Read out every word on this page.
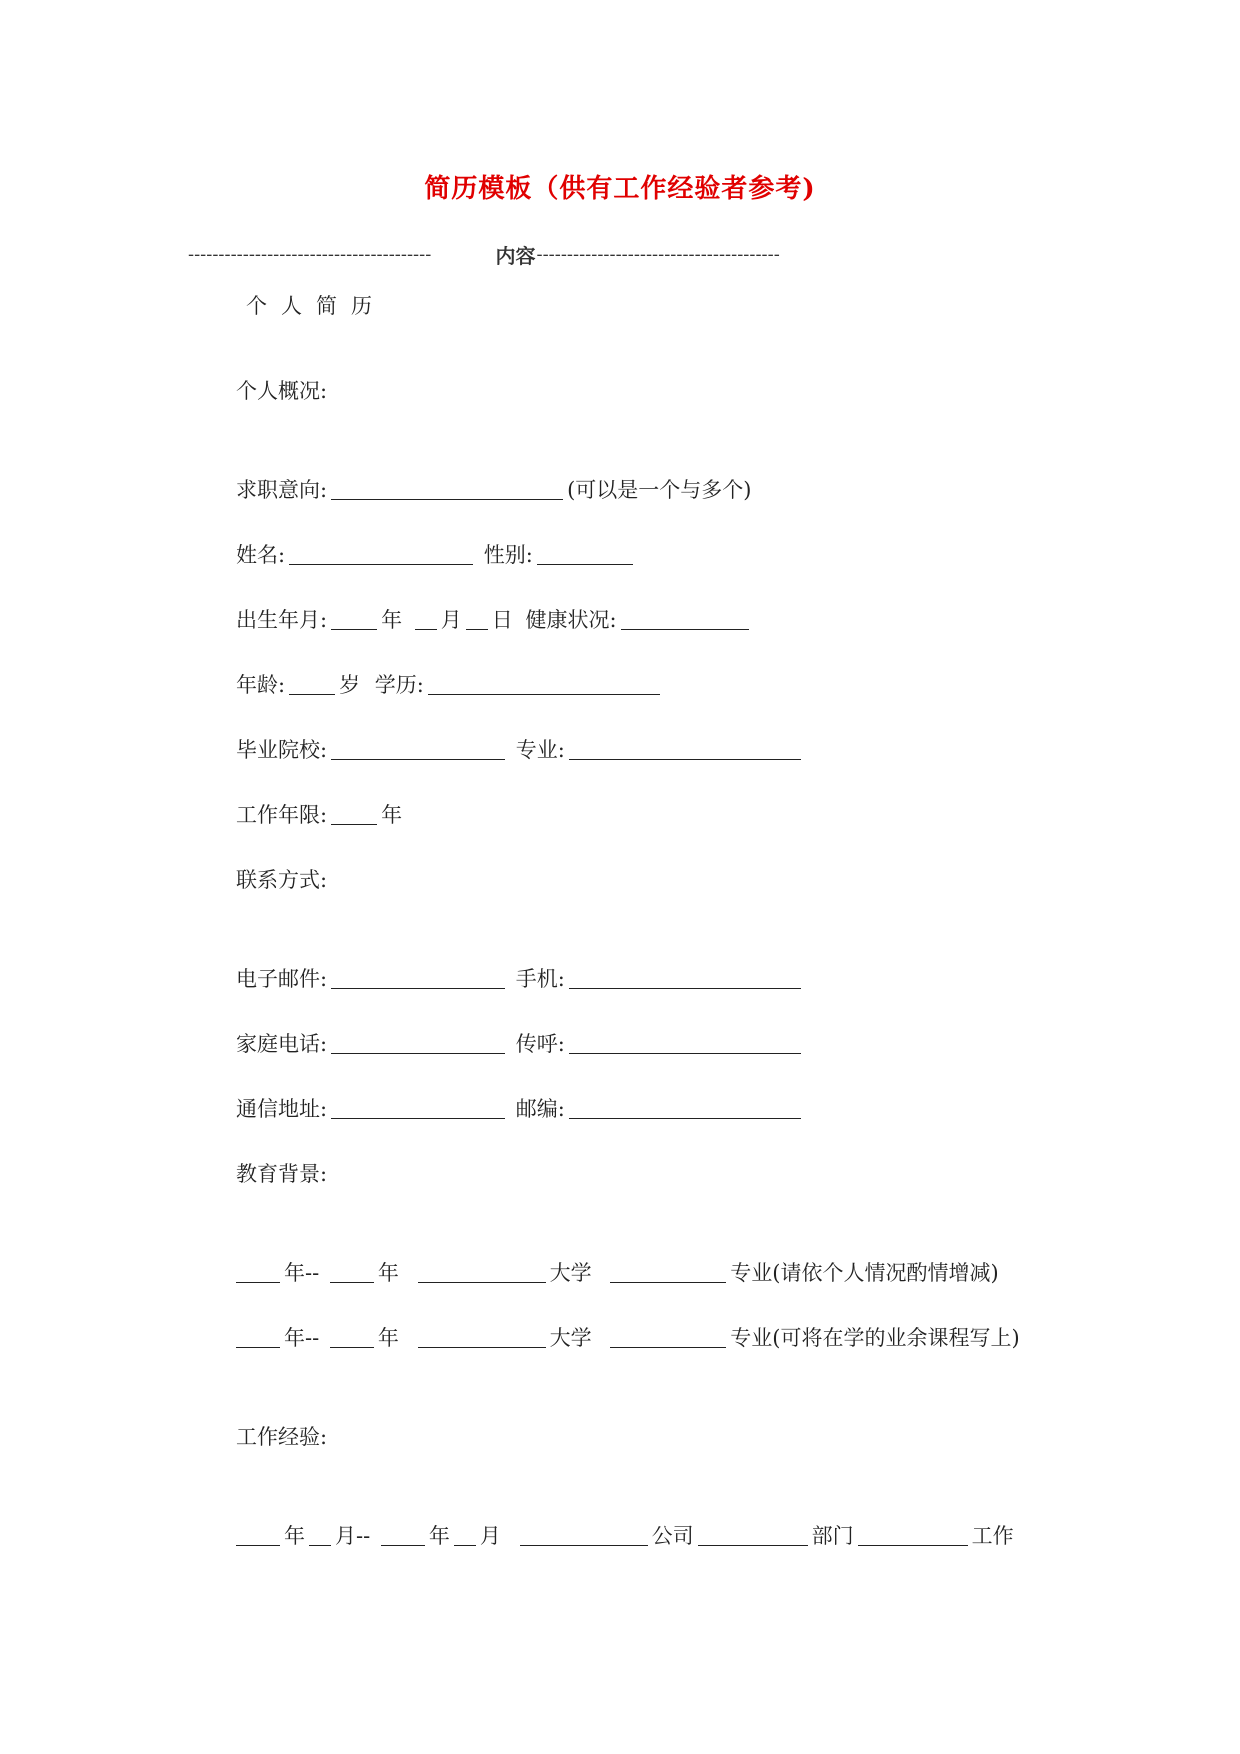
简历模板（供有工作经验者参考)
----------------------------------------	内容 ----------------------------------------
个人简历
个人概况:
求职意向:	(可以是一个与多个)
姓名:	性别:
出生年月:	年 月 日 健康状况:
年龄:	岁 学历:
毕业院校:	专业:
工作年限:	年
联系方式:
电子邮件:	手机:
家庭电话:	传呼:
通信地址:	邮编:
教育背景:
年--	年	大学	专业(请依个人情况酌情增减)
年--	年	大学	专业(可将在学的业余课程写上)
工作经验:
年 月--	年 月	公司	部门	工作
